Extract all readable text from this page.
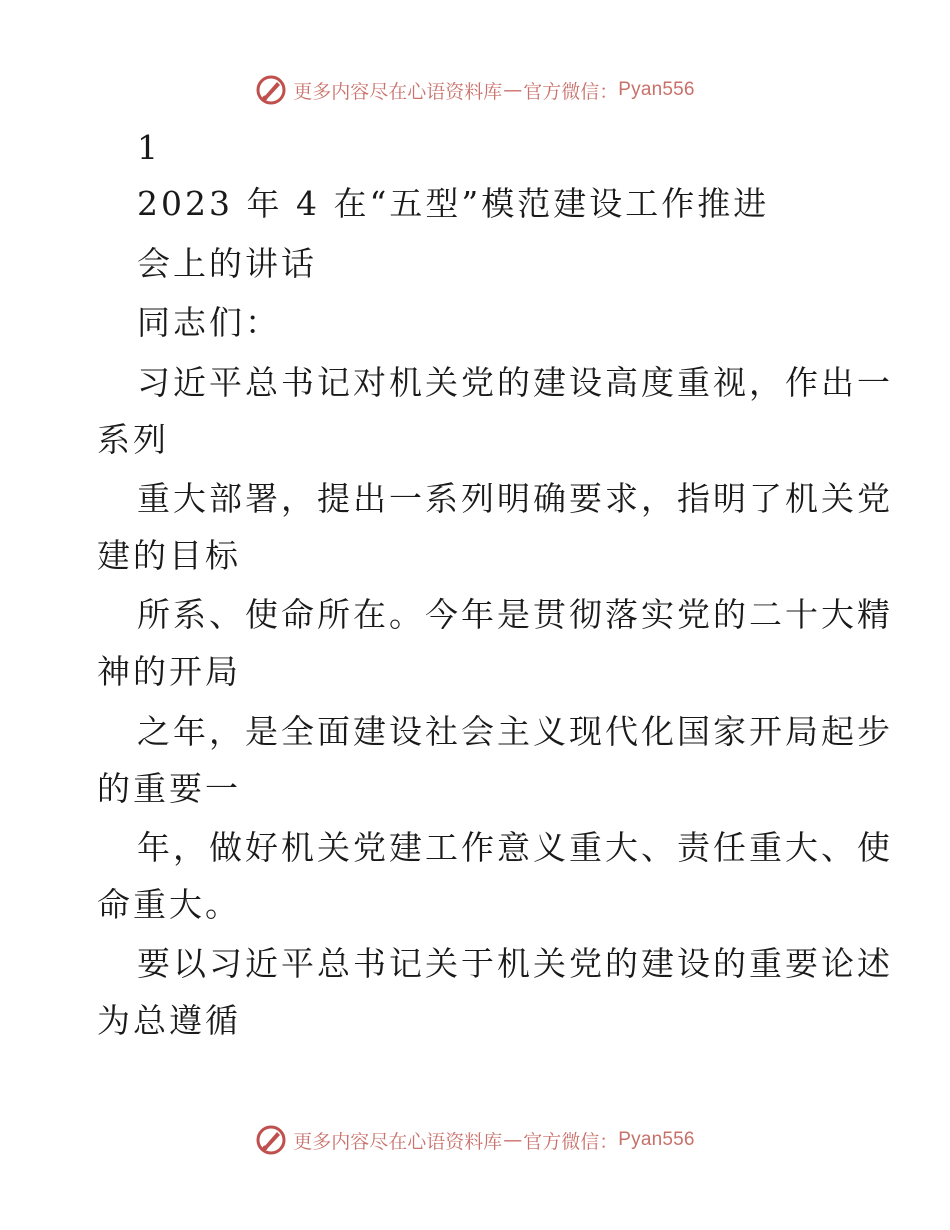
更多内容尽在心语资料库 — 官方微信： Pyan556
1
2023 年 4 在“五型”模范建设工作推进
会上的讲话
同志们：
习近平总书记对机关党的建设高度重视，作出一
系列
重大部署，提出一系列明确要求，指明了机关党
建的目标
所系、使命所在。今年是贯彻落实党的二十大精
神的开局
之年，是全面建设社会主义现代化国家开局起步
的重要一
年，做好机关党建工作意义重大、责任重大、使
命重大。
要以习近平总书记关于机关党的建设的重要论述
为总遵循
更多内容尽在心语资料库 — 官方微信： Pyan556
